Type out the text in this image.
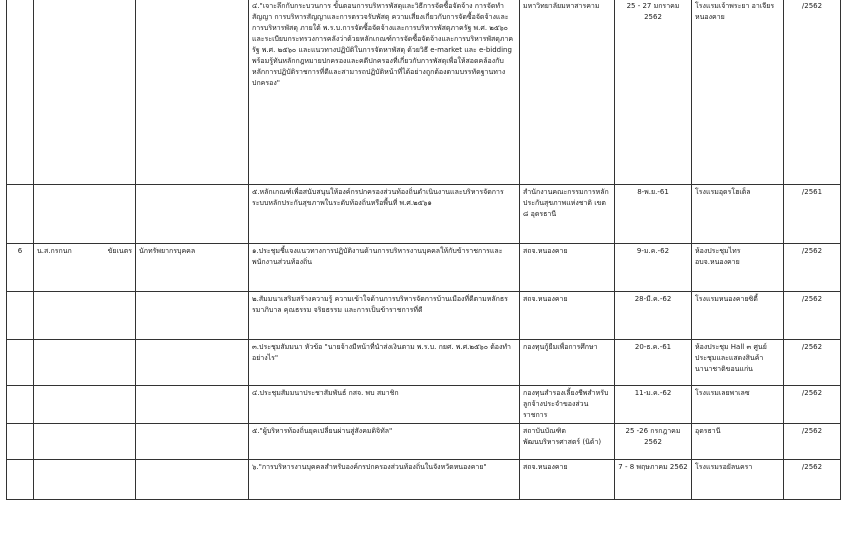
		๔."เจาะลึกกับกระบวนการ ขั้นตอนการบริหารพัสดุและวิธีการจัดซื้อจัดจ้าง การจัดทำสัญญา การบริหารสัญญาและการตรวจรับพัสดุ ความเสี่ยงเกี่ยวกับการจัดซื้อจัดจ้างและการบริหารพัสดุ ภายใต้ พ.ร.บ.การจัดซื้อจัดจ้างและการบริหารพัสดุภาครัฐ พ.ศ. ๒๕๖๐ และระเบียบกระทรวงการคลังว่าด้วยหลักเกณฑ์การจัดซื้อจัดจ้างและการบริหารพัสดุภาครัฐ พ.ศ. ๒๕๖๐ และแนวทางปฏิบัติในการจัดหาพัสดุ ด้วยวิธี e-market และ e-bidding พร้อมรู้ทันหลักกฎหมายปกครองและคดีปกครองที่เกี่ยวกับการพัสดุเพื่อให้สอดคล้องกับหลักการปฏิบัติราชการที่ดีและสามารถปฏิบัติหน้าที่ได้อย่างถูกต้องตามบรรทัดฐานทางปกครอง"	มหาวิทยาลัยมหาสารคาม	25 - 27 มกราคม 2562	โรงแรมเจ้าพระยา อาเจียร หนองคาย	/2562

		๕.หลักเกณฑ์เพื่อสนับสนุนให้องค์กรปกครองส่วนท้องถิ่นดำเนินงานและบริหารจัดการระบบหลักประกันสุขภาพในระดับท้องถิ่นหรือพื้นที่ พ.ศ.๒๕๖๑	สำนักงานคณะกรรมการหลักประกันสุขภาพแห่งชาติ เขต ๘ อุดรธานี	8-พ.ย.-61	โรงแรมอุดรโฮเต็ล	/2561
6	น.ส.กรกนก ขัยเนตร	นักทรัพยากรบุคคล	๑.ประชุมชี้แจงแนวทางการปฏิบัติงานด้านการบริหารงานบุคคลให้กับข้าราชการและพนักงานส่วนท้องถิ่น	สถจ.หนองคาย	9-ม.ค.-62	ห้องประชุมไทร อบจ.หนองคาย	/2562

		๒.สัมมนาเสริมสร้างความรู้ ความเข้าใจด้านการบริหารจัดการบ้านเมืองที่ดีตามหลักธรรมาภิบาล คุณธรรม จริยธรรม และการเป็นข้าราชการที่ดี	สถจ.หนองคาย	28-มี.ค.-62	โรงแรมหนองคายซิตี้	/2562

		๓.ประชุมสัมมนา หัวข้อ "นายจ้างมีหน้าที่นำส่งเงินตาม พ.ร.บ. กยศ. พ.ศ.๒๕๖๐ ต้องทำอย่างไร"	กองทุนกู้ยืมเพื่อการศึกษา	20-ธ.ค.-61	ห้องประชุม Hall ๓ ศูนย์ประชุมและแสดงสินค้านานาชาติขอนแก่น	/2562

		๔.ประชุมสัมมนาประชาสัมพันธ์ กสจ. พบ สมาชิก	กองทุนสำรองเลี้ยงชีพสำหรับลูกจ้างประจำของส่วนราชการ	11-ม.ค.-62	โรงแรมเลยพาเลซ	/2562

		๕."ผู้บริหารท้องถิ่นยุคเปลี่ยนผ่านสู่สังคมดิจิทัล"	สถาบันบัณฑิตพัฒนบริหารศาสตร์ (นิด้า)	25 -26 กรกฎาคม 2562	อุดรธานี	/2562

		๖."การบริหารงานบุคคลสำหรับองค์กรปกครองส่วนท้องถิ่นในจังหวัดหนองคาย"	สถจ.หนองคาย	7 - 8 พฤษภาคม 2562	โรงแรมรอยัลนครา	/2562
